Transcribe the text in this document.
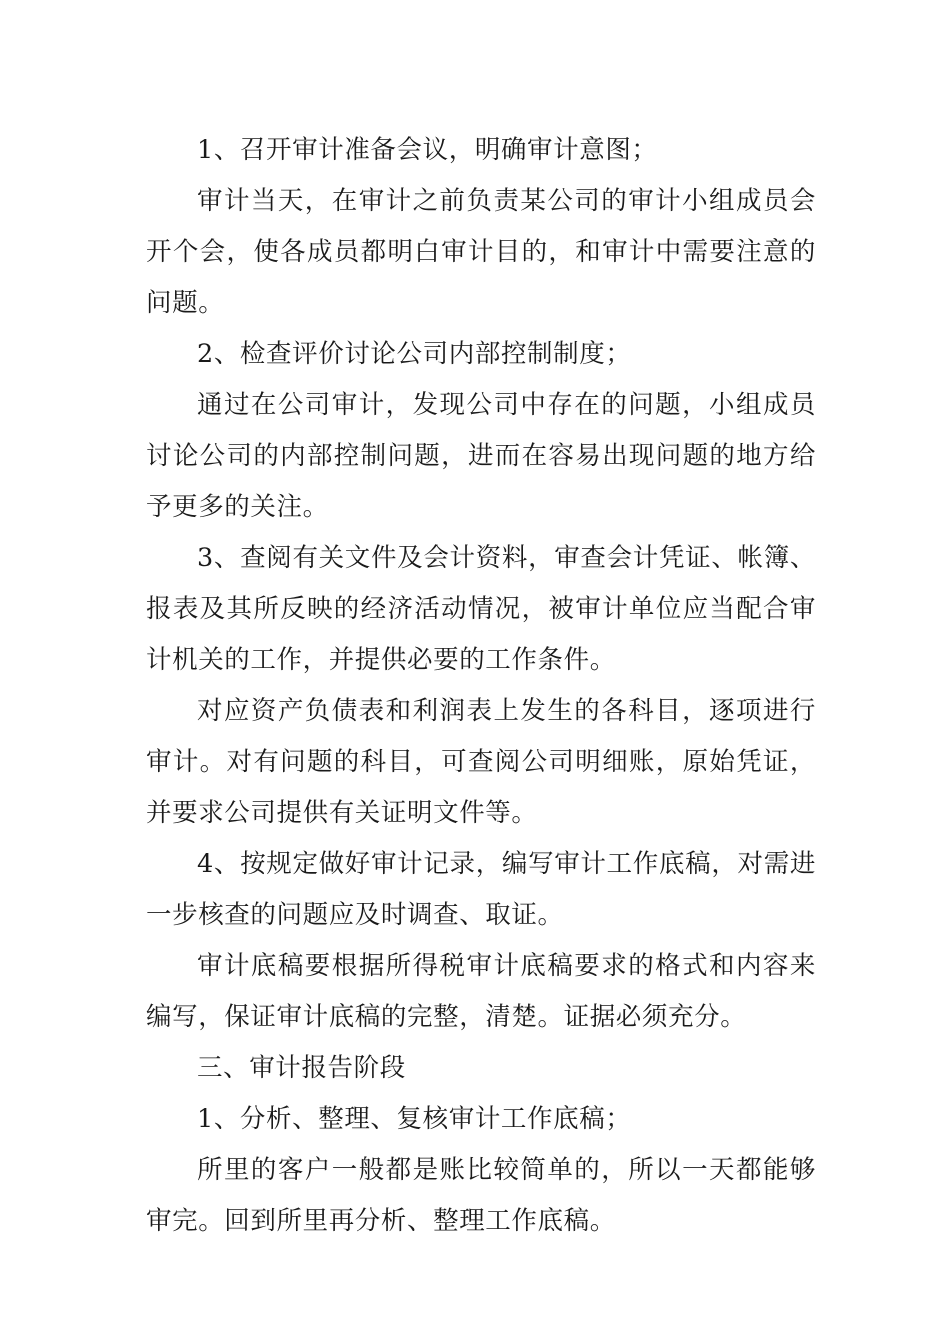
1、召开审计准备会议，明确审计意图；

审计当天，在审计之前负责某公司的审计小组成员会开个会，使各成员都明白审计目的，和审计中需要注意的问题。

2、检查评价讨论公司内部控制制度；

通过在公司审计，发现公司中存在的问题，小组成员讨论公司的内部控制问题，进而在容易出现问题的地方给予更多的关注。

3、查阅有关文件及会计资料，审查会计凭证、帐簿、报表及其所反映的经济活动情况，被审计单位应当配合审计机关的工作，并提供必要的工作条件。

对应资产负债表和利润表上发生的各科目，逐项进行审计。对有问题的科目，可查阅公司明细账，原始凭证，并要求公司提供有关证明文件等。

4、按规定做好审计记录，编写审计工作底稿，对需进一步核查的问题应及时调查、取证。

审计底稿要根据所得税审计底稿要求的格式和内容来编写，保证审计底稿的完整，清楚。证据必须充分。

三、审计报告阶段

1、分析、整理、复核审计工作底稿；

所里的客户一般都是账比较简单的，所以一天都能够审完。回到所里再分析、整理工作底稿。
